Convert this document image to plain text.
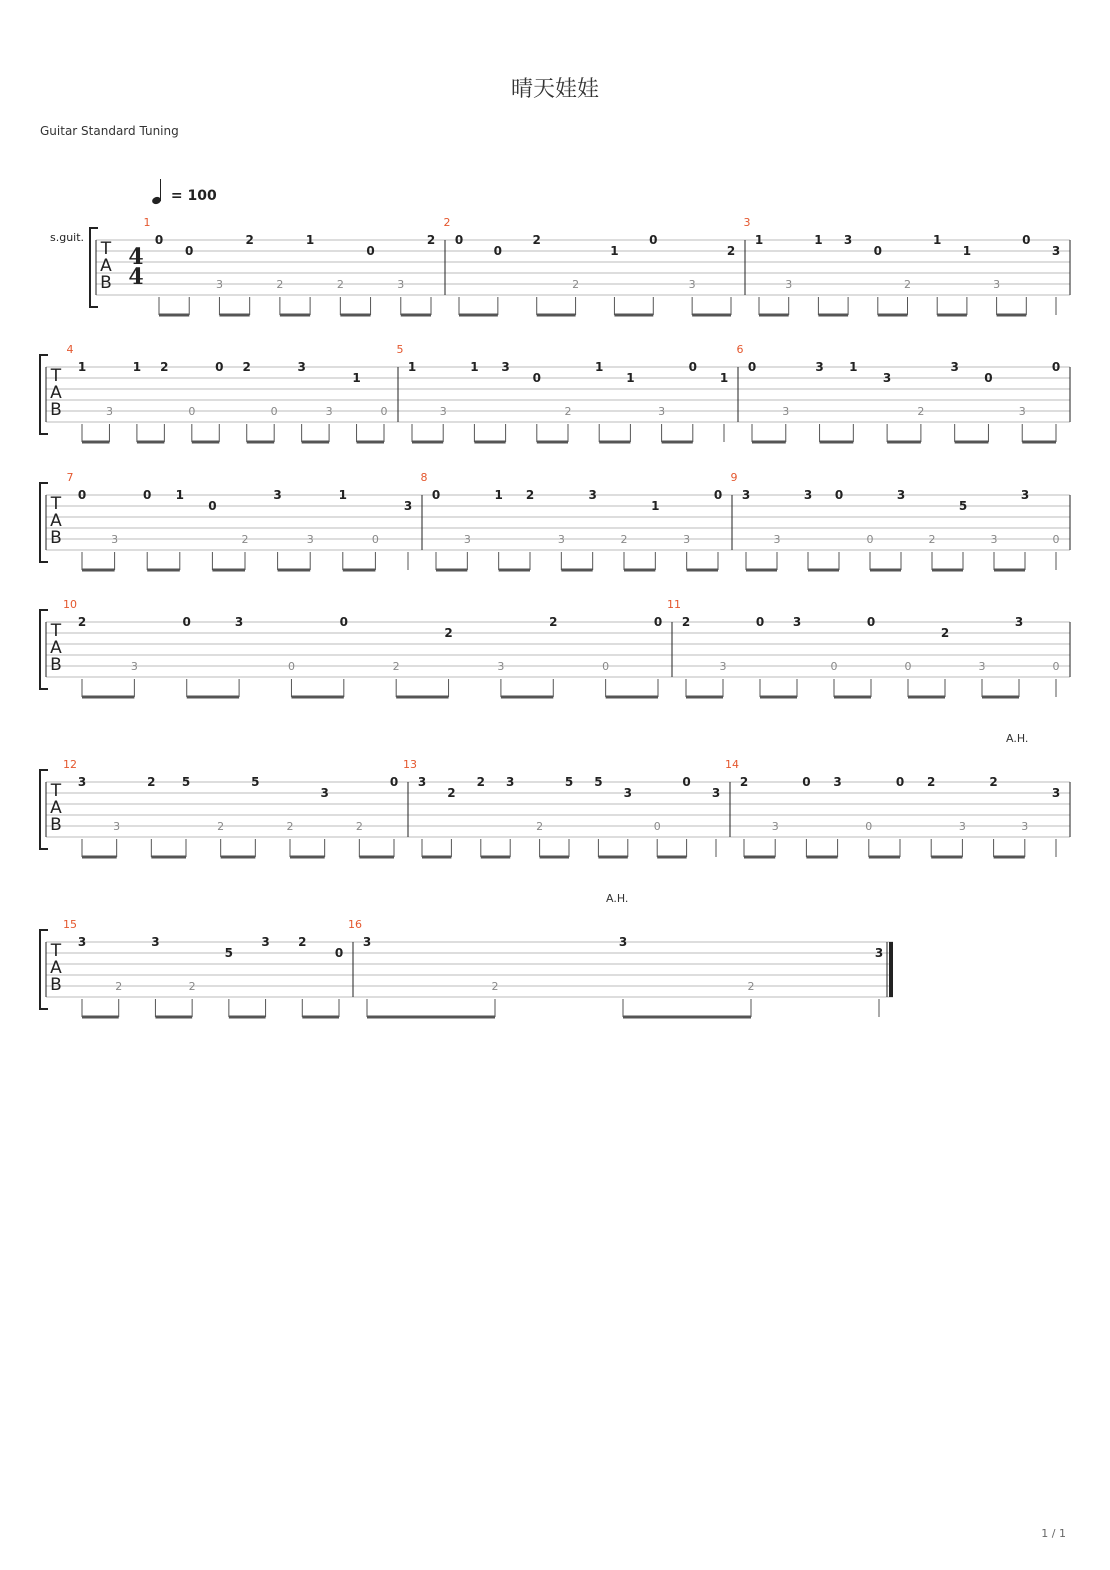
晴天娃娃
Guitar Standard Tuning
= 100
s.guit.
A.H.
A.H.
1 / 1
T
A
B
4
4
1
0
0
3
2
2
1
2
0
3
2
2
0
0
2
2
1
0
3
2
3
1
3
1 3
0
2
1
1
3
0
3
T
A
B
4
1
3
1 2
0
0 2
0
3
3
1
0
5
1
3
1 3
0
2
1
1
3
0
1
6
0
3
3 1
3
2
3
0
3
0
T
A
B
7
0
3
0 1
0
2
3
3
1
0
3
8
0
3
1 2
3
3
2
1
3
0
9
3
3
3 0
0
3
2
5
3
3
0
T
A
B
10
2
3
0	3
0
0
2
2
3
2
0
0
11
2
3
0 3
0
0
0
2
3
3
0
T
A
B
12
3
3
2 5
2
5
2
3
2
0
13
3
2
2 3
2
5 5
3
0
0
3
14
2
3
0 3
0
0 2
3
2
3
3
T
A
B
15
3
2
3
2
5
3 2
0
16
3
2
3
2
3
